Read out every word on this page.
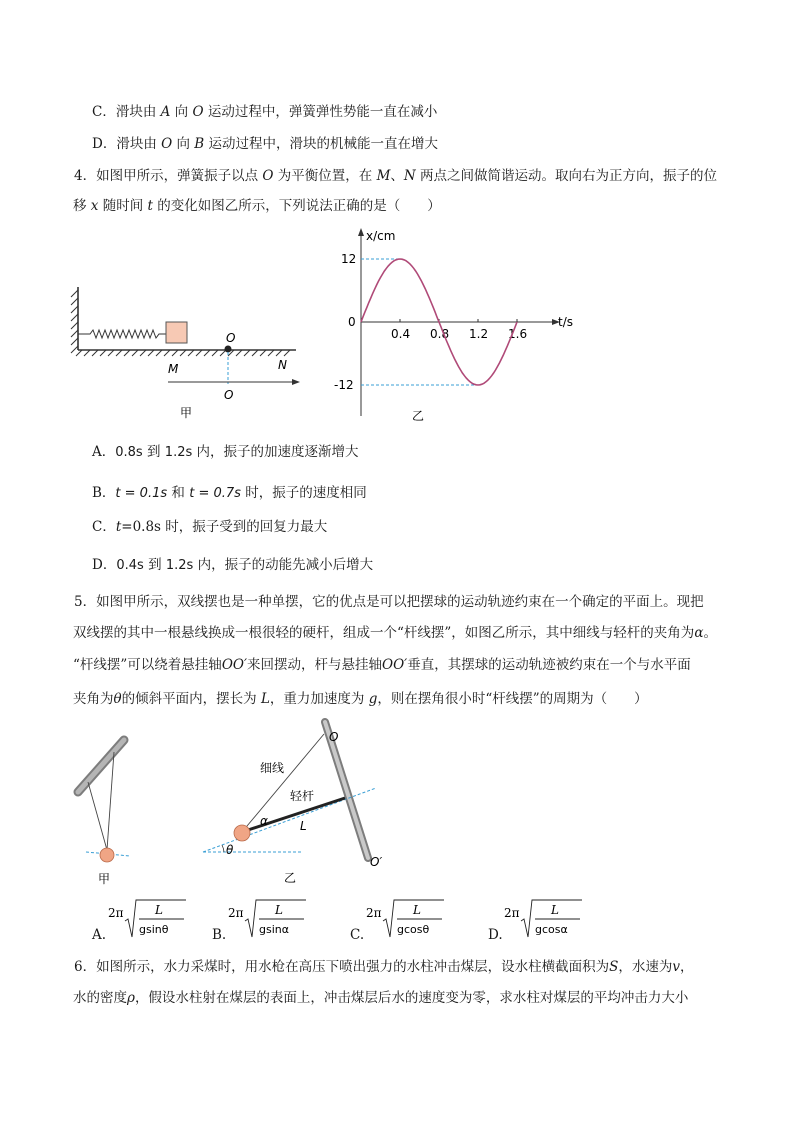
C．滑块由 A 向 O 运动过程中，弹簧弹性势能一直在减小
D．滑块由 O 向 B 运动过程中，滑块的机械能一直在增大
4．如图甲所示，弹簧振子以点 O 为平衡位置，在 M、N 两点之间做简谐运动。取向右为正方向，振子的位
移 x 随时间 t 的变化如图乙所示，下列说法正确的是（　　）
O
M	N
O
甲
x/cm
t/s
0.4 0.8 1.2 1.6
12
0
-12
乙
A．0.8s 到 1.2s 内，振子的加速度逐渐增大
B．t = 0.1s 和 t = 0.7s 时，振子的速度相同
C．t=0.8s 时，振子受到的回复力最大
D．0.4s 到 1.2s 内，振子的动能先减小后增大
5．如图甲所示，双线摆也是一种单摆，它的优点是可以把摆球的运动轨迹约束在一个确定的平面上。现把
双线摆的其中一根悬线换成一根很轻的硬杆，组成一个“杆线摆”，如图乙所示，其中细线与轻杆的夹角为α。
“杆线摆”可以绕着悬挂轴OO′来回摆动，杆与悬挂轴OO′垂直，其摆球的运动轨迹被约束在一个与水平面
夹角为θ的倾斜平面内，摆长为 L，重力加速度为 g，则在摆角很小时“杆线摆”的周期为（　　）
甲
O
O′
细线
轻杆
α	L
θ
乙
A.
2π	L
gsinθ	B.
2π	L
gsinα	C.
2π	L
gcosθ	D.
2π	L
gcosα
6．如图所示，水力采煤时，用水枪在高压下喷出强力的水柱冲击煤层，设水柱横截面积为S，水速为v，
水的密度ρ，假设水柱射在煤层的表面上，冲击煤层后水的速度变为零，求水柱对煤层的平均冲击力大小
